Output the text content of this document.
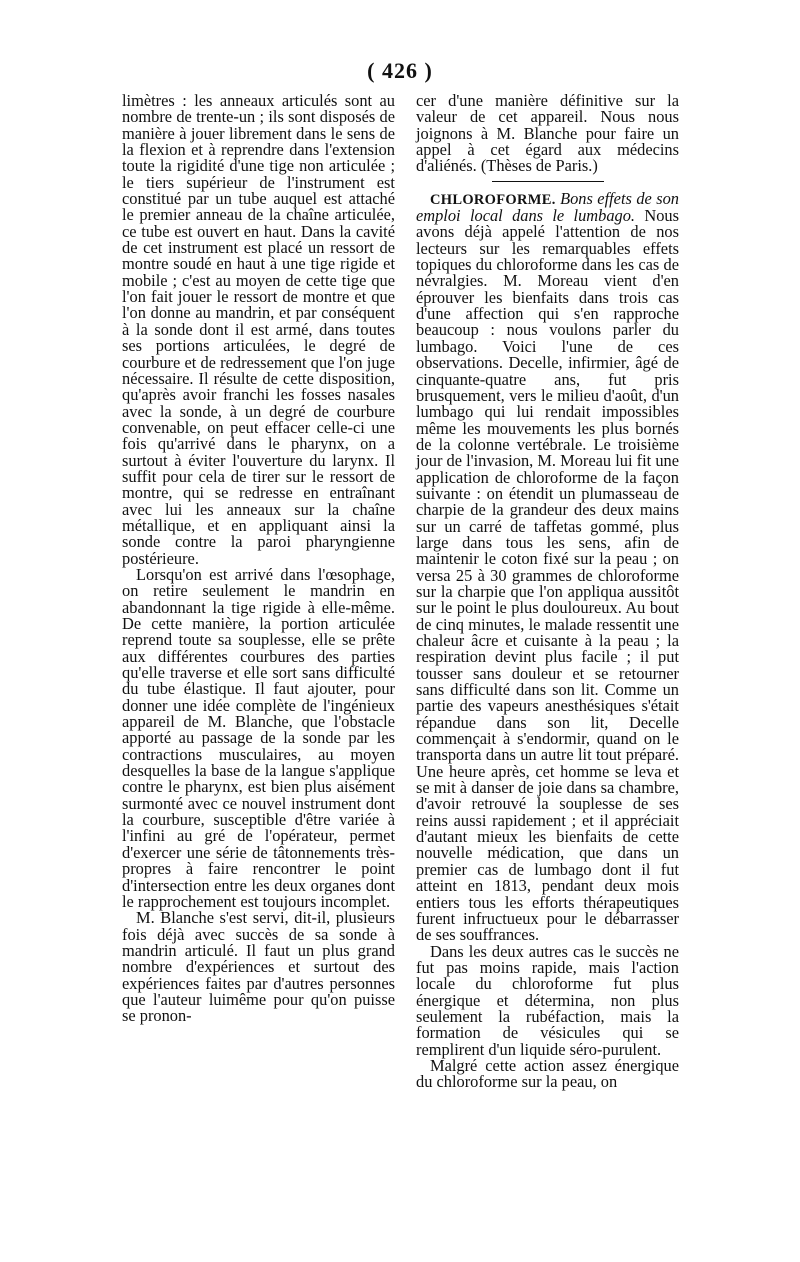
( 426 )

limètres : les anneaux articulés sont au nombre de trente-un ; ils sont disposés de manière à jouer librement dans le sens de la flexion et à reprendre dans l'extension toute la rigidité d'une tige non articulée ; le tiers supérieur de l'instrument est constitué par un tube auquel est attaché le premier anneau de la chaîne articulée, ce tube est ouvert en haut. Dans la cavité de cet instrument est placé un ressort de montre soudé en haut à une tige rigide et mobile ; c'est au moyen de cette tige que l'on fait jouer le ressort de montre et que l'on donne au mandrin, et par conséquent à la sonde dont il est armé, dans toutes ses portions articulées, le degré de courbure et de redressement que l'on juge nécessaire. Il résulte de cette disposition, qu'après avoir franchi les fosses nasales avec la sonde, à un degré de courbure convenable, on peut effacer celle-ci une fois qu'arrivé dans le pharynx, on a surtout à éviter l'ouverture du larynx. Il suffit pour cela de tirer sur le ressort de montre, qui se redresse en entraînant avec lui les anneaux sur la chaîne métallique, et en appliquant ainsi la sonde contre la paroi pharyngienne postérieure.

Lorsqu'on est arrivé dans l'œsophage, on retire seulement le mandrin en abandonnant la tige rigide à elle-même. De cette manière, la portion articulée reprend toute sa souplesse, elle se prête aux différentes courbures des parties qu'elle traverse et elle sort sans difficulté du tube élastique. Il faut ajouter, pour donner une idée complète de l'ingénieux appareil de M. Blanche, que l'obstacle apporté au passage de la sonde par les contractions musculaires, au moyen desquelles la base de la langue s'applique contre le pharynx, est bien plus aisément surmonté avec ce nouvel instrument dont la courbure, susceptible d'être variée à l'infini au gré de l'opérateur, permet d'exercer une série de tâtonnements très-propres à faire rencontrer le point d'intersection entre les deux organes dont le rapprochement est toujours incomplet.

M. Blanche s'est servi, dit-il, plusieurs fois déjà avec succès de sa sonde à mandrin articulé. Il faut un plus grand nombre d'expériences et surtout des expériences faites par d'autres personnes que l'auteur luimême pour qu'on puisse se pronon-

cer d'une manière définitive sur la valeur de cet appareil. Nous nous joignons à M. Blanche pour faire un appel à cet égard aux médecins d'aliénés. (Thèses de Paris.)

CHLOROFORME. Bons effets de son emploi local dans le lumbago. Nous avons déjà appelé l'attention de nos lecteurs sur les remarquables effets topiques du chloroforme dans les cas de névralgies. M. Moreau vient d'en éprouver les bienfaits dans trois cas d'une affection qui s'en rapproche beaucoup : nous voulons parler du lumbago. Voici l'une de ces observations. Decelle, infirmier, âgé de cinquante-quatre ans, fut pris brusquement, vers le milieu d'août, d'un lumbago qui lui rendait impossibles même les mouvements les plus bornés de la colonne vertébrale. Le troisième jour de l'invasion, M. Moreau lui fit une application de chloroforme de la façon suivante : on étendit un plumasseau de charpie de la grandeur des deux mains sur un carré de taffetas gommé, plus large dans tous les sens, afin de maintenir le coton fixé sur la peau ; on versa 25 à 30 grammes de chloroforme sur la charpie que l'on appliqua aussitôt sur le point le plus douloureux. Au bout de cinq minutes, le malade ressentit une chaleur âcre et cuisante à la peau ; la respiration devint plus facile ; il put tousser sans douleur et se retourner sans difficulté dans son lit. Comme un partie des vapeurs anesthésiques s'était répandue dans son lit, Decelle commençait à s'endormir, quand on le transporta dans un autre lit tout préparé. Une heure après, cet homme se leva et se mit à danser de joie dans sa chambre, d'avoir retrouvé la souplesse de ses reins aussi rapidement ; et il appréciait d'autant mieux les bienfaits de cette nouvelle médication, que dans un premier cas de lumbago dont il fut atteint en 1813, pendant deux mois entiers tous les efforts thérapeutiques furent infructueux pour le débarrasser de ses souffrances.

Dans les deux autres cas le succès ne fut pas moins rapide, mais l'action locale du chloroforme fut plus énergique et détermina, non plus seulement la rubéfaction, mais la formation de vésicules qui se remplirent d'un liquide séro-purulent.

Malgré cette action assez énergique du chloroforme sur la peau, on
